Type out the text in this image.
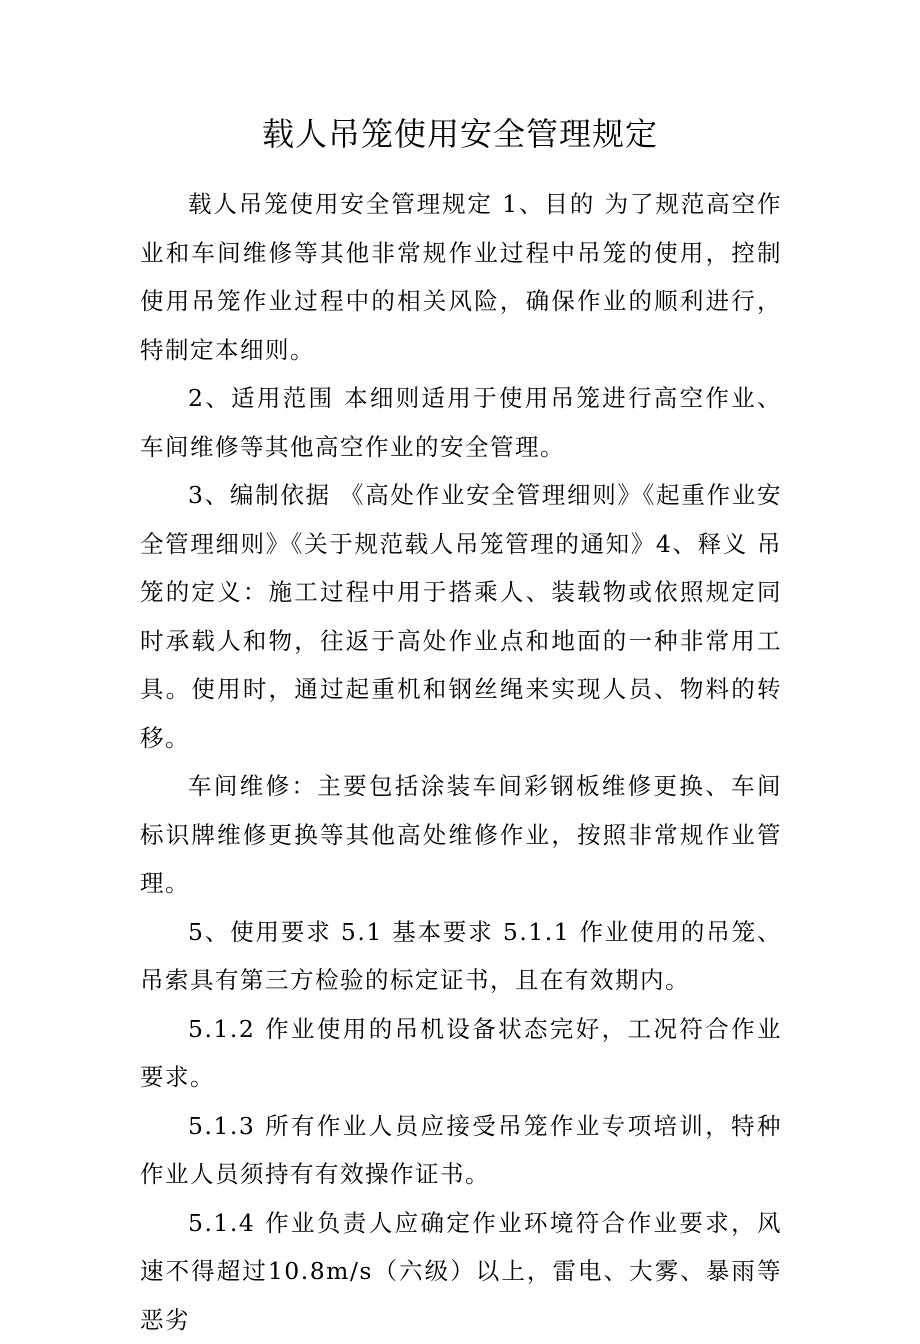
载人吊笼使用安全管理规定

载人吊笼使用安全管理规定 1、目的 为了规范高空作业和车间维修等其他非常规作业过程中吊笼的使用，控制使用吊笼作业过程中的相关风险，确保作业的顺利进行，特制定本细则。

2、适用范围 本细则适用于使用吊笼进行高空作业、车间维修等其他高空作业的安全管理。

3、编制依据 《高处作业安全管理细则》《起重作业安全管理细则》《关于规范载人吊笼管理的通知》4、释义 吊笼的定义：施工过程中用于搭乘人、装载物或依照规定同时承载人和物，往返于高处作业点和地面的一种非常用工具。使用时，通过起重机和钢丝绳来实现人员、物料的转移。

车间维修：主要包括涂装车间彩钢板维修更换、车间标识牌维修更换等其他高处维修作业，按照非常规作业管理。

5、使用要求 5.1 基本要求 5.1.1 作业使用的吊笼、吊索具有第三方检验的标定证书，且在有效期内。

5.1.2 作业使用的吊机设备状态完好，工况符合作业要求。

5.1.3 所有作业人员应接受吊笼作业专项培训，特种作业人员须持有有效操作证书。

5.1.4 作业负责人应确定作业环境符合作业要求，风速不得超过10.8m/s（六级）以上，雷电、大雾、暴雨等恶劣
